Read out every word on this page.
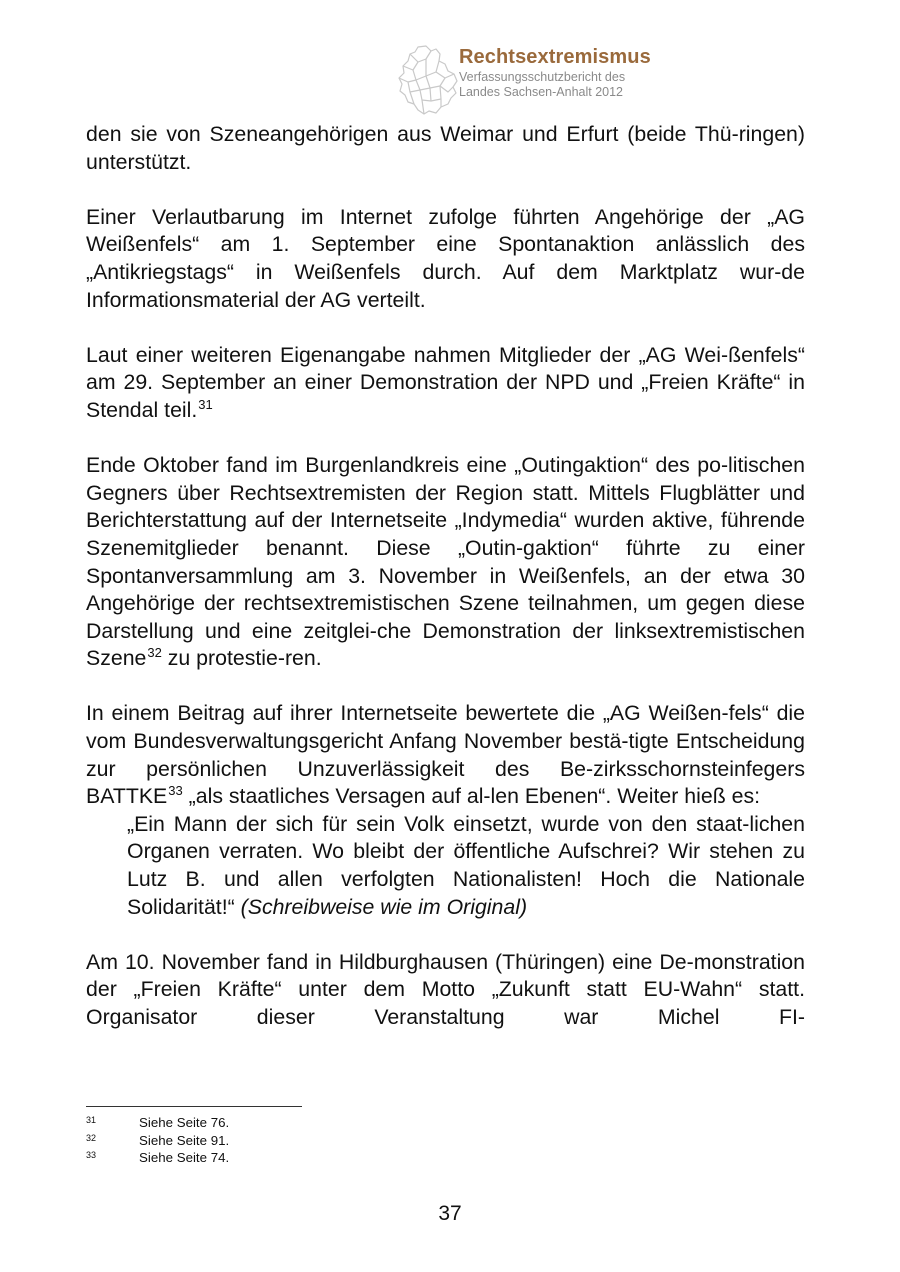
Rechtsextremismus
Verfassungsschutzbericht des
Landes Sachsen-Anhalt 2012

den sie von Szeneangehörigen aus Weimar und Erfurt (beide Thü-ringen) unterstützt.

Einer Verlautbarung im Internet zufolge führten Angehörige der „AG Weißenfels“ am 1. September eine Spontanaktion anlässlich des „Antikriegstags“ in Weißenfels durch. Auf dem Marktplatz wur-de Informationsmaterial der AG verteilt.

Laut einer weiteren Eigenangabe nahmen Mitglieder der „AG Wei-ßenfels“ am 29. September an einer Demonstration der NPD und „Freien Kräfte“ in Stendal teil.$^{31}$

Ende Oktober fand im Burgenlandkreis eine „Outingaktion“ des po-litischen Gegners über Rechtsextremisten der Region statt. Mittels Flugblätter und Berichterstattung auf der Internetseite „Indymedia“ wurden aktive, führende Szenemitglieder benannt. Diese „Outin-gaktion“ führte zu einer Spontanversammlung am 3. November in Weißenfels, an der etwa 30 Angehörige der rechtsextremistischen Szene teilnahmen, um gegen diese Darstellung und eine zeitglei-che Demonstration der linksextremistischen Szene$^{32}$ zu protestie-ren.

In einem Beitrag auf ihrer Internetseite bewertete die „AG Weißen-fels“ die vom Bundesverwaltungsgericht Anfang November bestä-tigte Entscheidung zur persönlichen Unzuverlässigkeit des Be-zirksschornsteinfegers BATTKE$^{33}$ „als staatliches Versagen auf al-len Ebenen“. Weiter hieß es:

„Ein Mann der sich für sein Volk einsetzt, wurde von den staat-lichen Organen verraten. Wo bleibt der öffentliche Aufschrei? Wir stehen zu Lutz B. und allen verfolgten Nationalisten! Hoch die Nationale Solidarität!“ (Schreibweise wie im Original)

Am 10. November fand in Hildburghausen (Thüringen) eine De-monstration der „Freien Kräfte“ unter dem Motto „Zukunft statt EU-Wahn“ statt. Organisator dieser Veranstaltung war Michel FI-

31	Siehe Seite 76.
32	Siehe Seite 91.
33	Siehe Seite 74.
37
